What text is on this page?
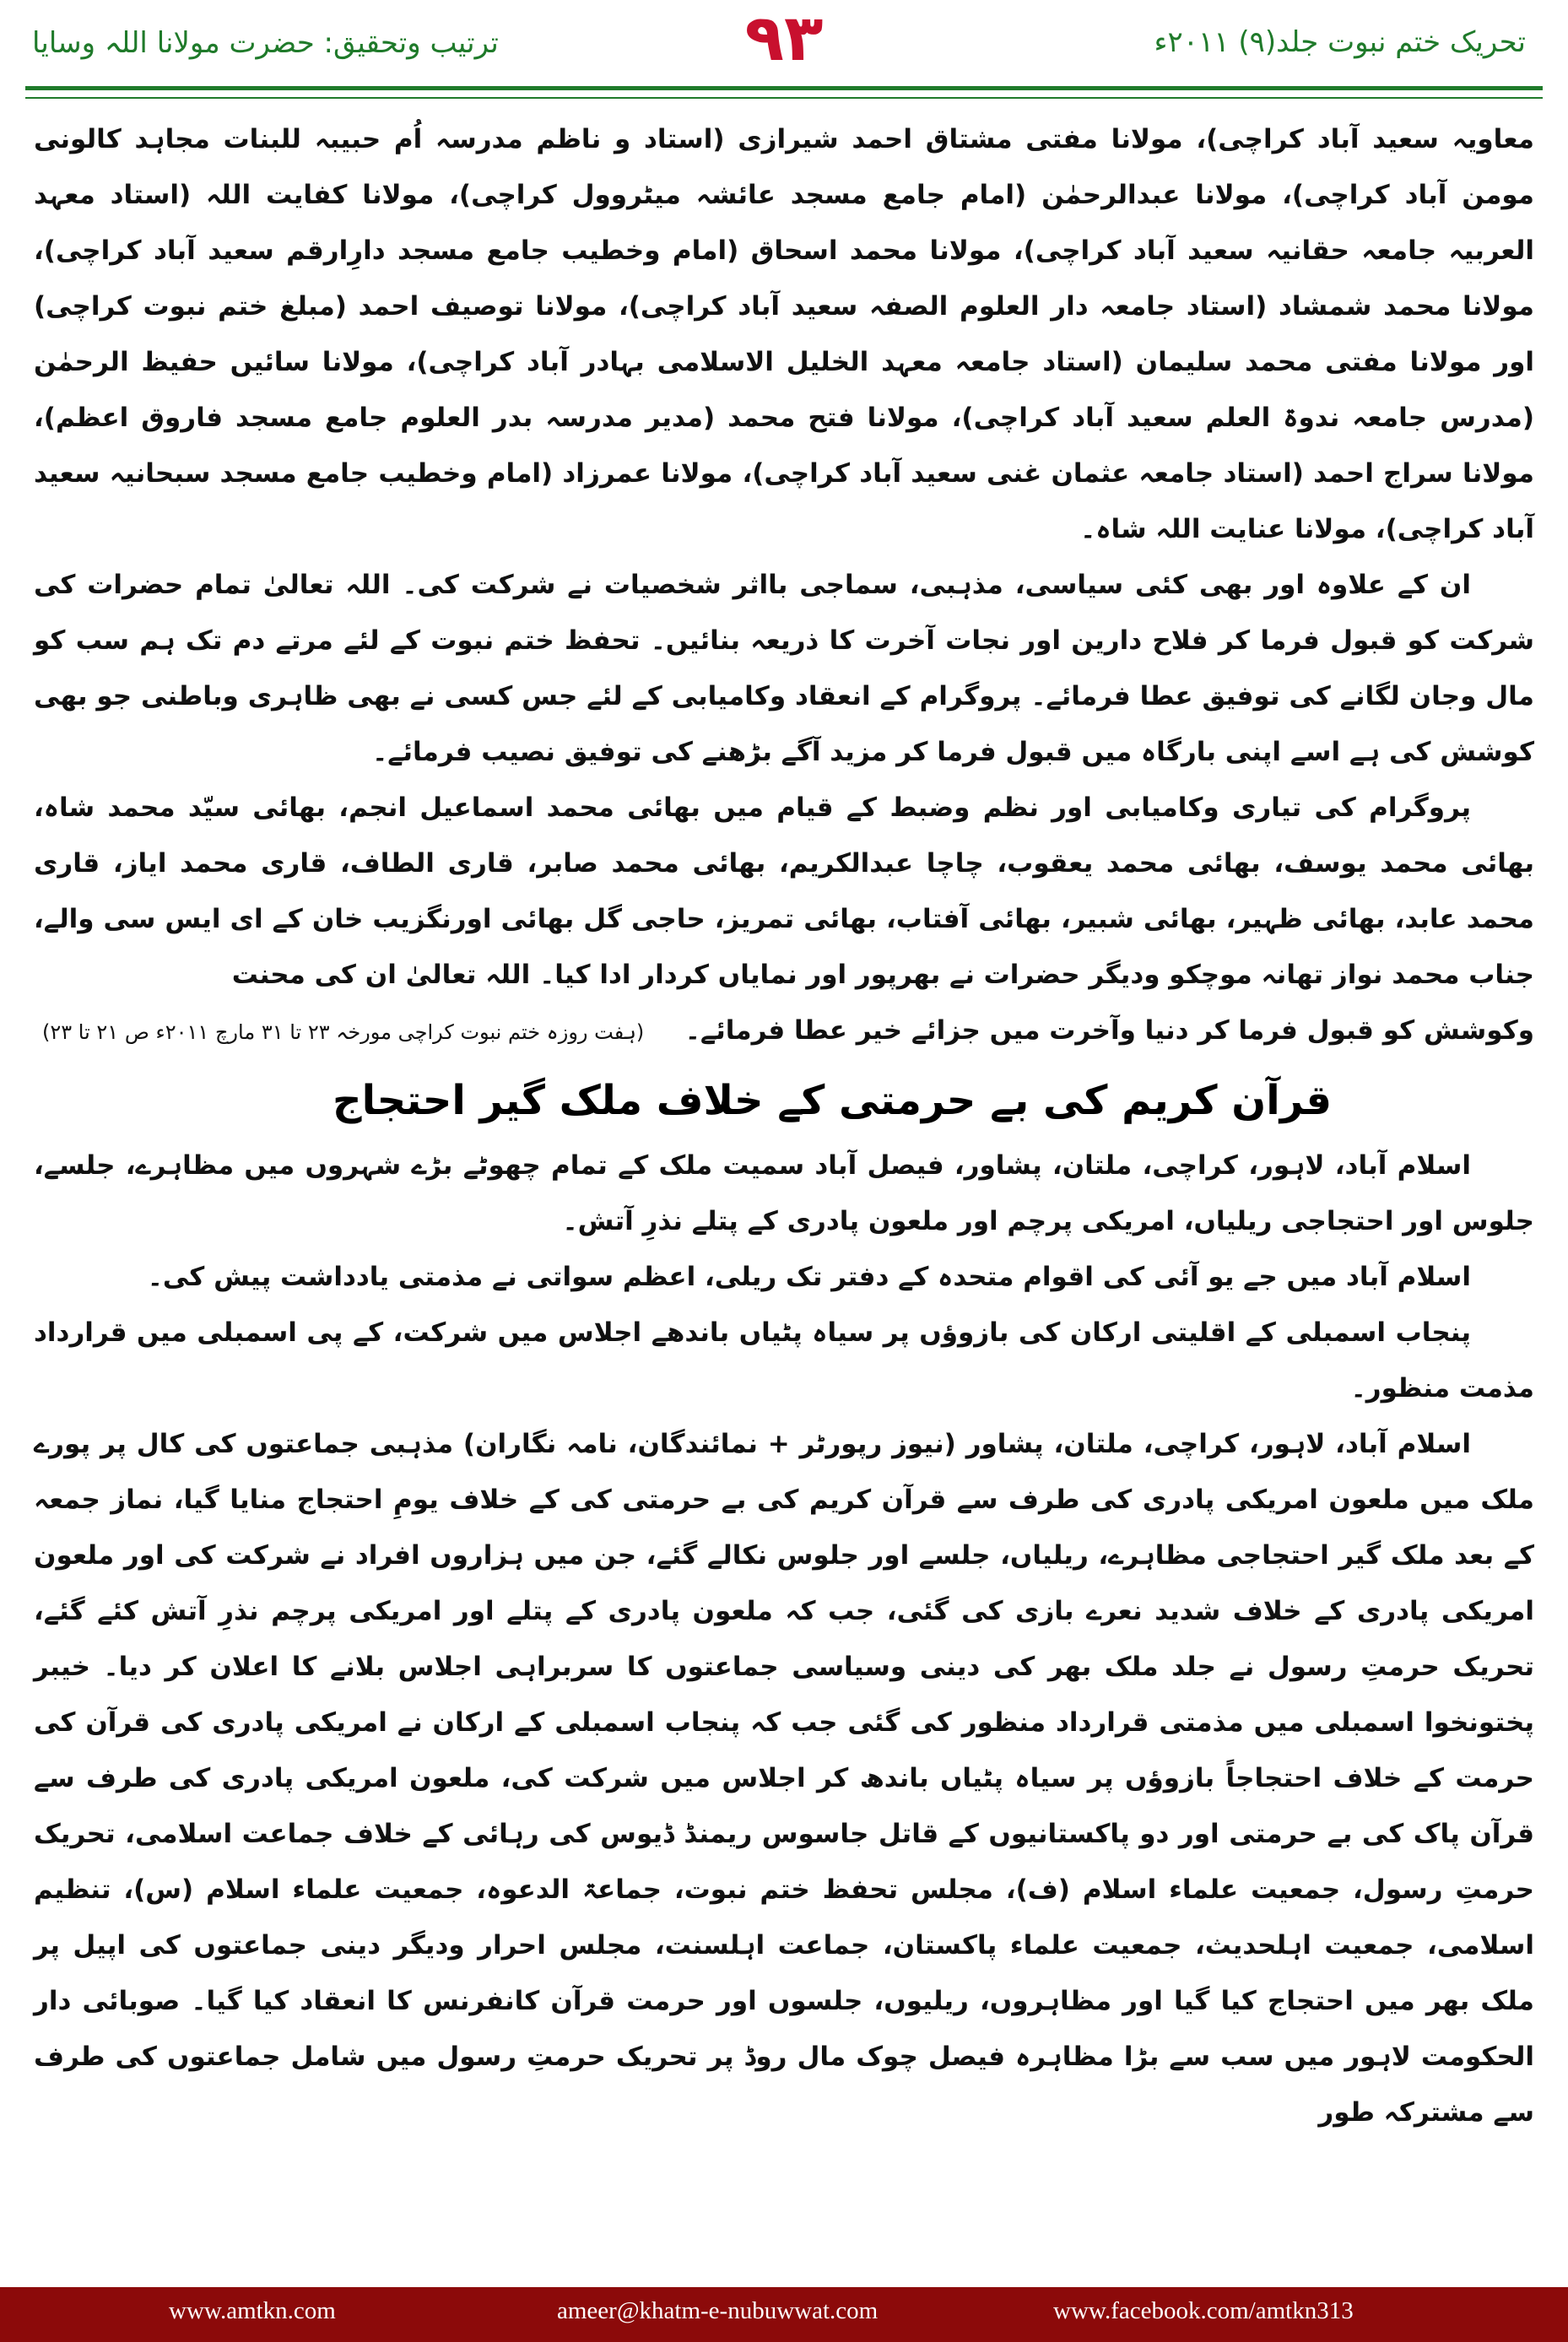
تحریک ختم نبوت جلد(۹) ۲۰۱۱ء
۹۳
ترتیب وتحقیق: حضرت مولانا اللہ وسایا

معاویہ سعید آباد کراچی)، مولانا مفتی مشتاق احمد شیرازی (استاد و ناظم مدرسہ اُم حبیبہ للبنات مجاہد کالونی مومن آباد کراچی)، مولانا عبدالرحمٰن (امام جامع مسجد عائشہ میٹروول کراچی)، مولانا کفایت اللہ (استاد معہد العربیہ جامعہ حقانیہ سعید آباد کراچی)، مولانا محمد اسحاق (امام وخطیب جامع مسجد دارِارقم سعید آباد کراچی)، مولانا محمد شمشاد (استاد جامعہ دار العلوم الصفہ سعید آباد کراچی)، مولانا توصیف احمد (مبلغ ختم نبوت کراچی) اور مولانا مفتی محمد سلیمان (استاد جامعہ معہد الخلیل الاسلامی بہادر آباد کراچی)، مولانا سائیں حفیظ الرحمٰن (مدرس جامعہ ندوۃ العلم سعید آباد کراچی)، مولانا فتح محمد (مدیر مدرسہ بدر العلوم جامع مسجد فاروق اعظم)، مولانا سراج احمد (استاد جامعہ عثمان غنی سعید آباد کراچی)، مولانا عمرزاد (امام وخطیب جامع مسجد سبحانیہ سعید آباد کراچی)، مولانا عنایت اللہ شاہ۔

ان کے علاوہ اور بھی کئی سیاسی، مذہبی، سماجی بااثر شخصیات نے شرکت کی۔ اللہ تعالیٰ تمام حضرات کی شرکت کو قبول فرما کر فلاح دارین اور نجات آخرت کا ذریعہ بنائیں۔ تحفظ ختم نبوت کے لئے مرتے دم تک ہم سب کو مال وجان لگانے کی توفیق عطا فرمائے۔ پروگرام کے انعقاد وکامیابی کے لئے جس کسی نے بھی ظاہری وباطنی جو بھی کوشش کی ہے اسے اپنی بارگاہ میں قبول فرما کر مزید آگے بڑھنے کی توفیق نصیب فرمائے۔

پروگرام کی تیاری وکامیابی اور نظم وضبط کے قیام میں بھائی محمد اسماعیل انجم، بھائی سیّد محمد شاہ، بھائی محمد یوسف، بھائی محمد یعقوب، چاچا عبدالکریم، بھائی محمد صابر، قاری الطاف، قاری محمد ایاز، قاری محمد عابد، بھائی ظہیر، بھائی شبیر، بھائی آفتاب، بھائی تمریز، حاجی گل بھائی اورنگزیب خان کے ای ایس سی والے، جناب محمد نواز تھانہ موچکو ودیگر حضرات نے بھرپور اور نمایاں کردار ادا کیا۔ اللہ تعالیٰ ان کی محنت

وکوشش کو قبول فرما کر دنیا وآخرت میں جزائے خیر عطا فرمائے۔
(ہفت روزہ ختم نبوت کراچی مورخہ ۲۳ تا ۳۱ مارچ ۲۰۱۱ء ص ۲۱ تا ۲۳)
قرآن کریم کی بے حرمتی کے خلاف ملک گیر احتجاج

اسلام آباد، لاہور، کراچی، ملتان، پشاور، فیصل آباد سمیت ملک کے تمام چھوٹے بڑے شہروں میں مظاہرے، جلسے، جلوس اور احتجاجی ریلیاں، امریکی پرچم اور ملعون پادری کے پتلے نذرِ آتش۔

اسلام آباد میں جے یو آئی کی اقوام متحدہ کے دفتر تک ریلی، اعظم سواتی نے مذمتی یادداشت پیش کی۔

پنجاب اسمبلی کے اقلیتی ارکان کی بازوؤں پر سیاہ پٹیاں باندھے اجلاس میں شرکت، کے پی اسمبلی میں قرارداد مذمت منظور۔

اسلام آباد، لاہور، کراچی، ملتان، پشاور (نیوز رپورٹر + نمائندگان، نامہ نگاران) مذہبی جماعتوں کی کال پر پورے ملک میں ملعون امریکی پادری کی طرف سے قرآن کریم کی بے حرمتی کی کے خلاف یومِ احتجاج منایا گیا، نماز جمعہ کے بعد ملک گیر احتجاجی مظاہرے، ریلیاں، جلسے اور جلوس نکالے گئے، جن میں ہزاروں افراد نے شرکت کی اور ملعون امریکی پادری کے خلاف شدید نعرے بازی کی گئی، جب کہ ملعون پادری کے پتلے اور امریکی پرچم نذرِ آتش کئے گئے، تحریک حرمتِ رسول نے جلد ملک بھر کی دینی وسیاسی جماعتوں کا سربراہی اجلاس بلانے کا اعلان کر دیا۔ خیبر پختونخوا اسمبلی میں مذمتی قرارداد منظور کی گئی جب کہ پنجاب اسمبلی کے ارکان نے امریکی پادری کی قرآن کی حرمت کے خلاف احتجاجاً بازوؤں پر سیاہ پٹیاں باندھ کر اجلاس میں شرکت کی، ملعون امریکی پادری کی طرف سے قرآن پاک کی بے حرمتی اور دو پاکستانیوں کے قاتل جاسوس ریمنڈ ڈیوس کی رہائی کے خلاف جماعت اسلامی، تحریک حرمتِ رسول، جمعیت علماء اسلام (ف)، مجلس تحفظ ختم نبوت، جماعۃ الدعوہ، جمعیت علماء اسلام (س)، تنظیم اسلامی، جمعیت اہلحدیث، جمعیت علماء پاکستان، جماعت اہلسنت، مجلس احرار ودیگر دینی جماعتوں کی اپیل پر ملک بھر میں احتجاج کیا گیا اور مظاہروں، ریلیوں، جلسوں اور حرمت قرآن کانفرنس کا انعقاد کیا گیا۔ صوبائی دار الحکومت لاہور میں سب سے بڑا مظاہرہ فیصل چوک مال روڈ پر تحریک حرمتِ رسول میں شامل جماعتوں کی طرف سے مشترکہ طور

www.amtkn.com	ameer@khatm-e-nubuwwat.com	www.facebook.com/amtkn313
